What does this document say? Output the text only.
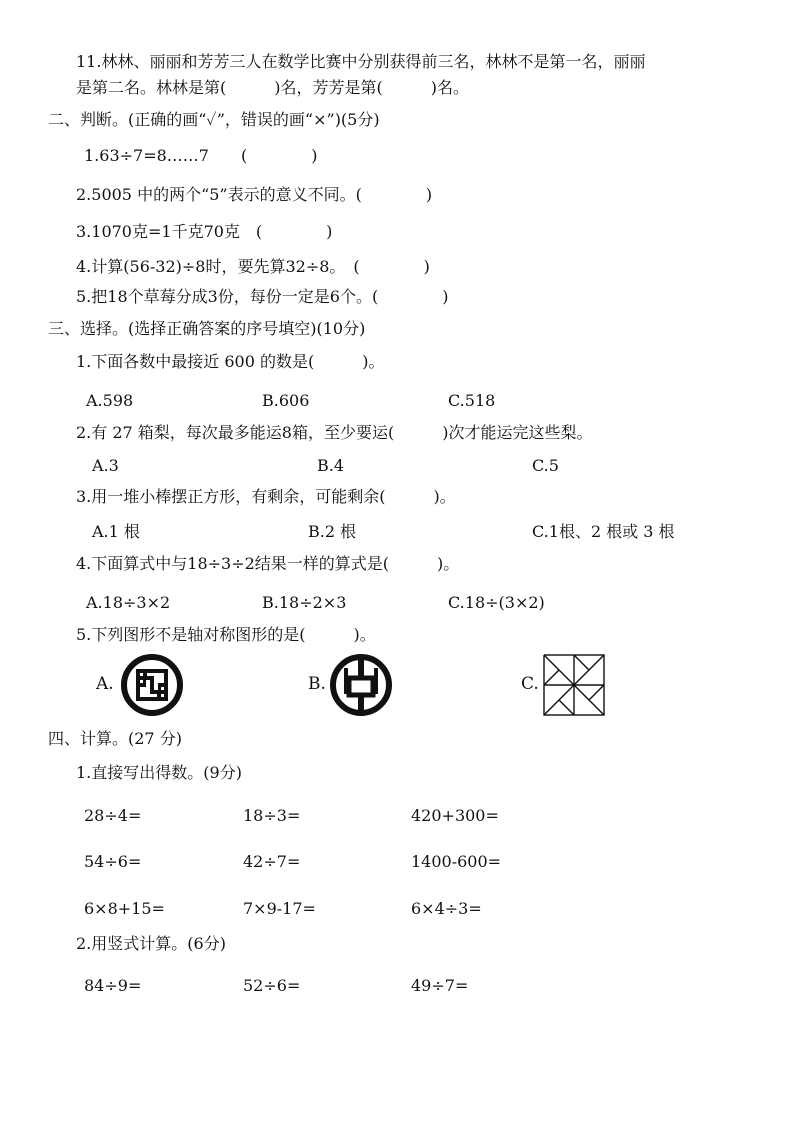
11.林林、丽丽和芳芳三人在数学比赛中分别获得前三名，林林不是第一名，丽丽
是第二名。林林是第(　　　)名，芳芳是第(　　　)名。
二、判断。(正确的画“✓”，错误的画“×”)(5分)
1.63÷7=8……7　　(　　　　)
2.5005 中的两个“5”表示的意义不同。(　　　　)
3.1070克=1千克70克　(　　　　)
4.计算(56-32)÷8时，要先算32÷8。　(　　　　)
5.把18个草莓分成3份，每份一定是6个。(　　　　)
三、选择。(选择正确答案的序号填空)(10分)
1.下面各数中最接近 600 的数是(　　　)。
A.598	B.606	C.518
2.有 27 箱梨，每次最多能运8箱，至少要运(　　　)次才能运完这些梨。
A.3	B.4	C.5
3.用一堆小棒摆正方形，有剩余，可能剩余(　　　)。
A.1 根	B.2 根	C.1根、2 根或 3 根
4.下面算式中与18÷3÷2结果一样的算式是(　　　)。
A.18÷3×2	B.18÷2×3	C.18÷(3×2)
5.下列图形不是轴对称图形的是(　　　)。
A.	B.	C.
四、计算。(27 分)
1.直接写出得数。(9分)
28÷4=	18÷3=	420+300=
54÷6=	42÷7=	1400-600=
6×8+15=	7×9-17=	6×4÷3=
2.用竖式计算。(6分)
84÷9=	52÷6=	49÷7=
